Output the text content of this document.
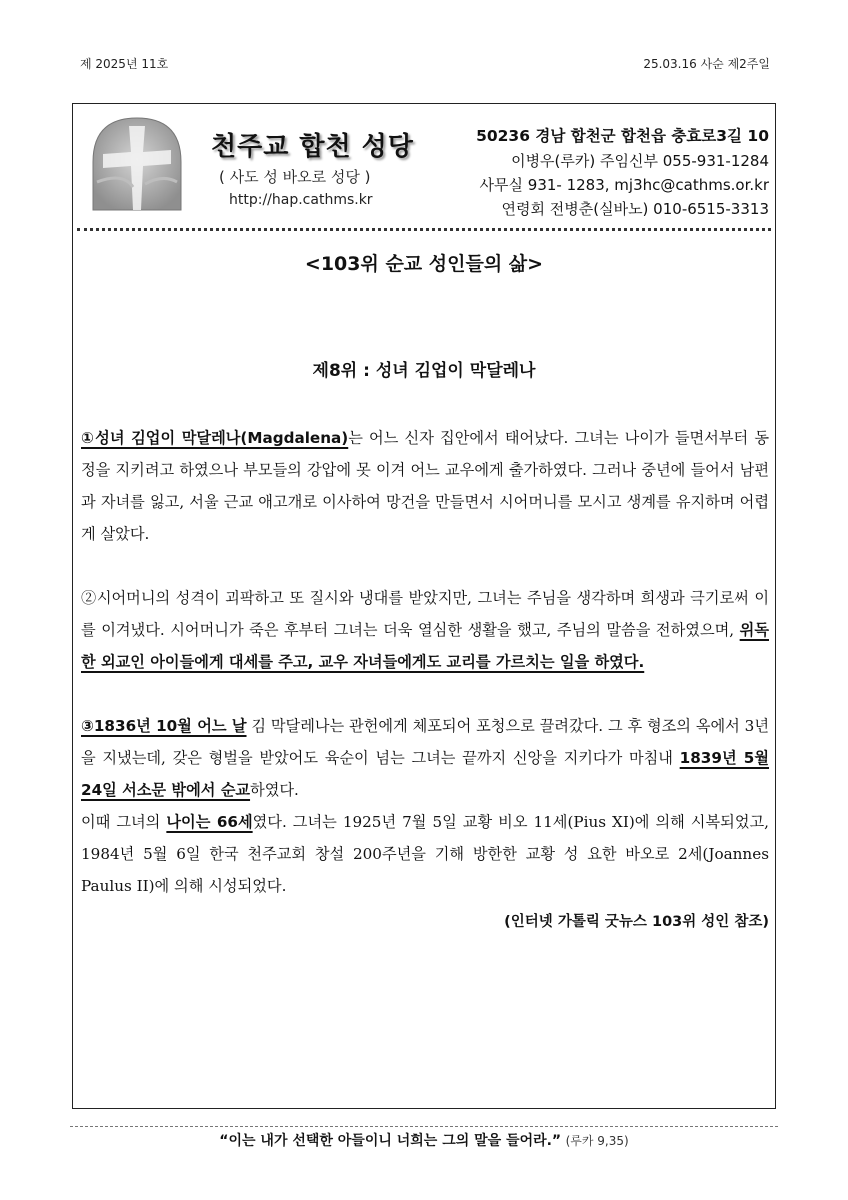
제 2025년 11호	25.03.16 사순 제2주일
천주교 합천 성당
( 사도 성 바오로 성당 )
http://hap.cathms.kr
50236 경남 합천군 합천읍 충효로3길 10
이병우(루카) 주임신부 055-931-1284
사무실 931- 1283, mj3hc@cathms.or.kr
연령회 전병춘(실바노) 010-6515-3313
<103위 순교 성인들의 삶>
제8위 : 성녀 김업이 막달레나

①성녀 김업이 막달레나(Magdalena)는 어느 신자 집안에서 태어났다. 그녀는 나이가 들면서부터 동정을 지키려고 하였으나 부모들의 강압에 못 이겨 어느 교우에게 출가하였다. 그러나 중년에 들어서 남편과 자녀를 잃고, 서울 근교 애고개로 이사하여 망건을 만들면서 시어머니를 모시고 생계를 유지하며 어렵게 살았다.

②시어머니의 성격이 괴팍하고 또 질시와 냉대를 받았지만, 그녀는 주님을 생각하며 희생과 극기로써 이를 이겨냈다. 시어머니가 죽은 후부터 그녀는 더욱 열심한 생활을 했고, 주님의 말씀을 전하였으며, 위독한 외교인 아이들에게 대세를 주고, 교우 자녀들에게도 교리를 가르치는 일을 하였다.

③1836년 10월 어느 날 김 막달레나는 관헌에게 체포되어 포청으로 끌려갔다. 그 후 형조의 옥에서 3년을 지냈는데, 갖은 형벌을 받았어도 육순이 넘는 그녀는 끝까지 신앙을 지키다가 마침내 1839년 5월 24일 서소문 밖에서 순교하였다.

이때 그녀의 나이는 66세였다. 그녀는 1925년 7월 5일 교황 비오 11세(Pius XI)에 의해 시복되었고, 1984년 5월 6일 한국 천주교회 창설 200주년을 기해 방한한 교황 성 요한 바오로 2세(Joannes Paulus II)에 의해 시성되었다.

(인터넷 가톨릭 굿뉴스 103위 성인 참조)
“이는 내가 선택한 아들이니 너희는 그의 말을 들어라.” (루카 9,35)
